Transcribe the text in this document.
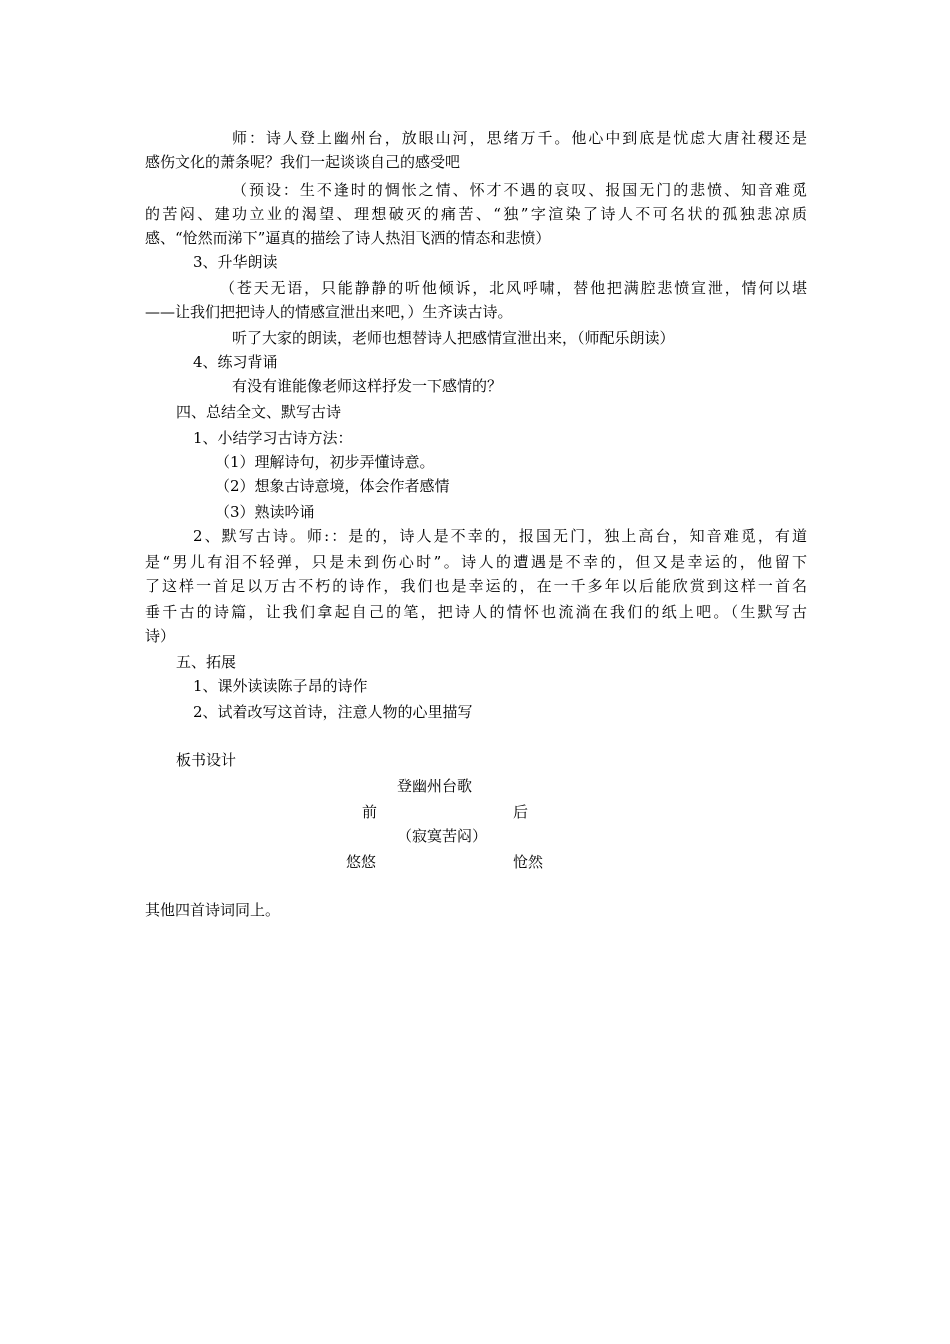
师：诗人登上幽州台，放眼山河，思绪万千。他心中到底是忧虑大唐社稷还是
感伤文化的萧条呢？我们一起谈谈自己的感受吧
（预设：生不逢时的惆怅之情、怀才不遇的哀叹、报国无门的悲愤、知音难觅
的苦闷、建功立业的渴望、理想破灭的痛苦、“独”字渲染了诗人不可名状的孤独悲凉质
感、“怆然而涕下”逼真的描绘了诗人热泪飞洒的情态和悲愤）
3、升华朗读
（苍天无语，只能静静的听他倾诉，北风呼啸，替他把满腔悲愤宣泄，情何以堪
——让我们把把诗人的情感宣泄出来吧，）生齐读古诗。
听了大家的朗读，老师也想替诗人把感情宣泄出来，（师配乐朗读）
4、练习背诵
有没有谁能像老师这样抒发一下感情的？
四、总结全文、默写古诗
1、小结学习古诗方法：
（1）理解诗句，初步弄懂诗意。
（2）想象古诗意境，体会作者感情
（3）熟读吟诵
2、默写古诗。师:：是的，诗人是不幸的，报国无门，独上高台，知音难觅，有道
是“男儿有泪不轻弹，只是未到伤心时”。诗人的遭遇是不幸的，但又是幸运的，他留下
了这样一首足以万古不朽的诗作，我们也是幸运的，在一千多年以后能欣赏到这样一首名
垂千古的诗篇，让我们拿起自己的笔，把诗人的情怀也流淌在我们的纸上吧。（生默写古
诗）
五、拓展
1、课外读读陈子昂的诗作
2、试着改写这首诗，注意人物的心里描写
板书设计
登幽州台歌
前	后
（寂寞苦闷）
悠悠	怆然
其他四首诗词同上。
